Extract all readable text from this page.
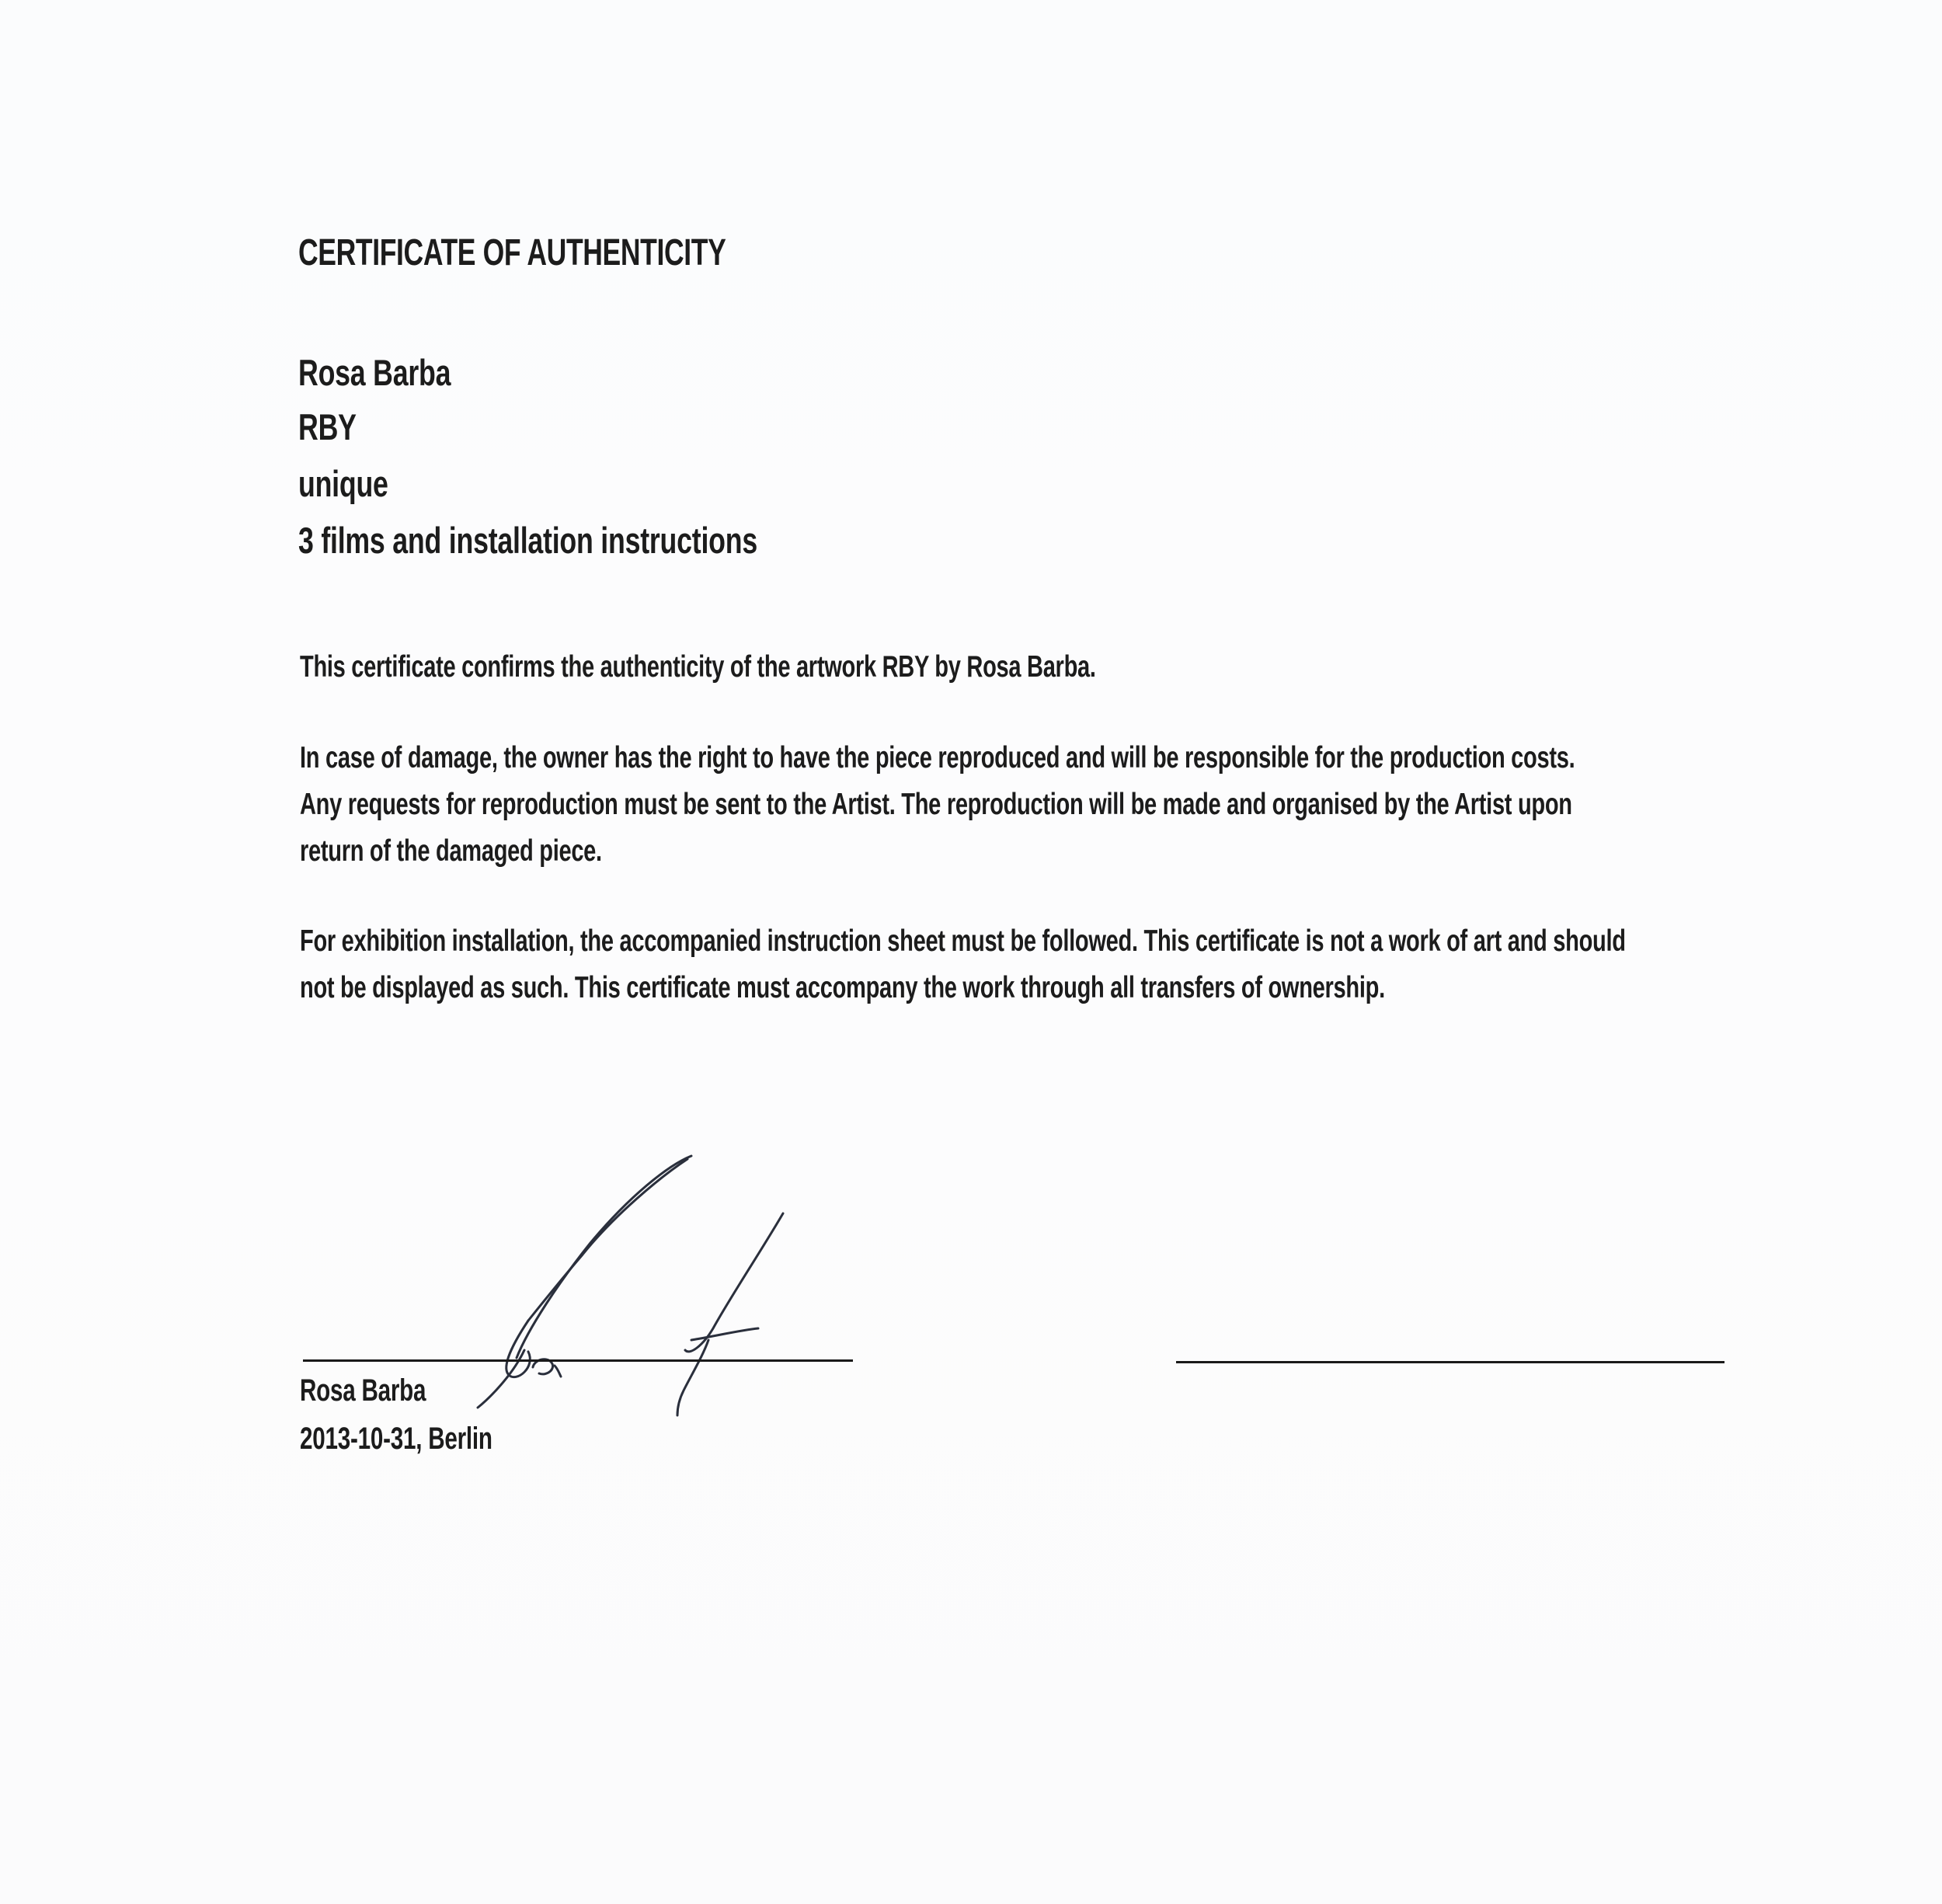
CERTIFICATE OF AUTHENTICITY
Rosa Barba
RBY
unique
3 films and installation instructions
This certificate confirms the authenticity of the artwork RBY by Rosa Barba.
In case of damage, the owner has the right to have the piece reproduced and will be responsible for the production costs.
Any requests for reproduction must be sent to the Artist. The reproduction will be made and organised by the Artist upon
return of the damaged piece.
For exhibition installation, the accompanied instruction sheet must be followed. This certificate is not a work of art and should
not be displayed as such. This certificate must accompany the work through all transfers of ownership.
Rosa Barba
2013-10-31, Berlin
